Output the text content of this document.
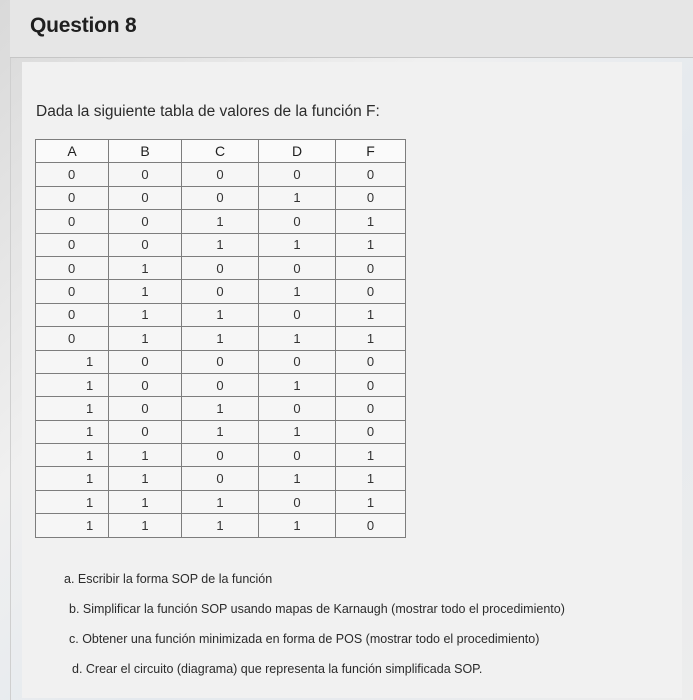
Question 8
Dada la siguiente tabla de valores de la función F:
A	B	C	D	F
0	0	0	0	0
0	0	0	1	0
0	0	1	0	1
0	0	1	1	1
0	1	0	0	0
0	1	0	1	0
0	1	1	0	1
0	1	1	1	1
1	0	0	0	0
1	0	0	1	0
1	0	1	0	0
1	0	1	1	0
1	1	0	0	1
1	1	0	1	1
1	1	1	0	1
1	1	1	1	0
a. Escribir la forma SOP de la función
b. Simplificar la función SOP usando mapas de Karnaugh (mostrar todo el procedimiento)
c. Obtener una función minimizada en forma de POS (mostrar todo el procedimiento)
d. Crear el circuito (diagrama) que representa la función simplificada SOP.
